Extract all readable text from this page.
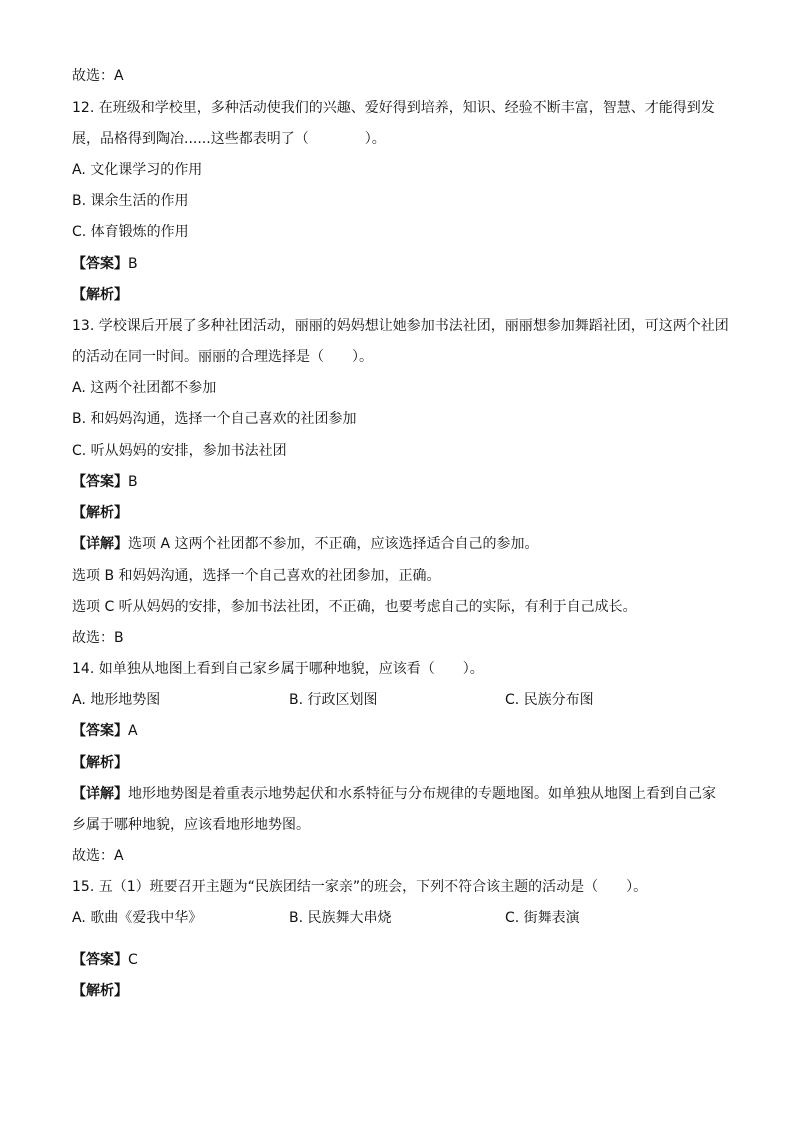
故选：A
12. 在班级和学校里，多种活动使我们的兴趣、爱好得到培养，知识、经验不断丰富，智慧、才能得到发
展，品格得到陶冶......这些都表明了（　　　　）。
A. 文化课学习的作用
B. 课余生活的作用
C. 体育锻炼的作用
【答案】B
【解析】
13. 学校课后开展了多种社团活动，丽丽的妈妈想让她参加书法社团，丽丽想参加舞蹈社团，可这两个社团
的活动在同一时间。丽丽的合理选择是（　　）。
A. 这两个社团都不参加
B. 和妈妈沟通，选择一个自己喜欢的社团参加
C. 听从妈妈的安排，参加书法社团
【答案】B
【解析】
【详解】选项 A 这两个社团都不参加，不正确，应该选择适合自己的参加。
选项 B 和妈妈沟通，选择一个自己喜欢的社团参加，正确。
选项 C 听从妈妈的安排，参加书法社团，不正确，也要考虑自己的实际，有利于自己成长。
故选：B
14. 如单独从地图上看到自己家乡属于哪种地貌，应该看（　　）。
A. 地形地势图	B. 行政区划图	C. 民族分布图
【答案】A
【解析】
【详解】地形地势图是着重表示地势起伏和水系特征与分布规律的专题地图。如单独从地图上看到自己家
乡属于哪种地貌，应该看地形地势图。
故选：A
15. 五（1）班要召开主题为“民族团结一家亲”的班会，下列不符合该主题的活动是（　　）。
A. 歌曲《爱我中华》	B. 民族舞大串烧	C. 街舞表演
【答案】C
【解析】
